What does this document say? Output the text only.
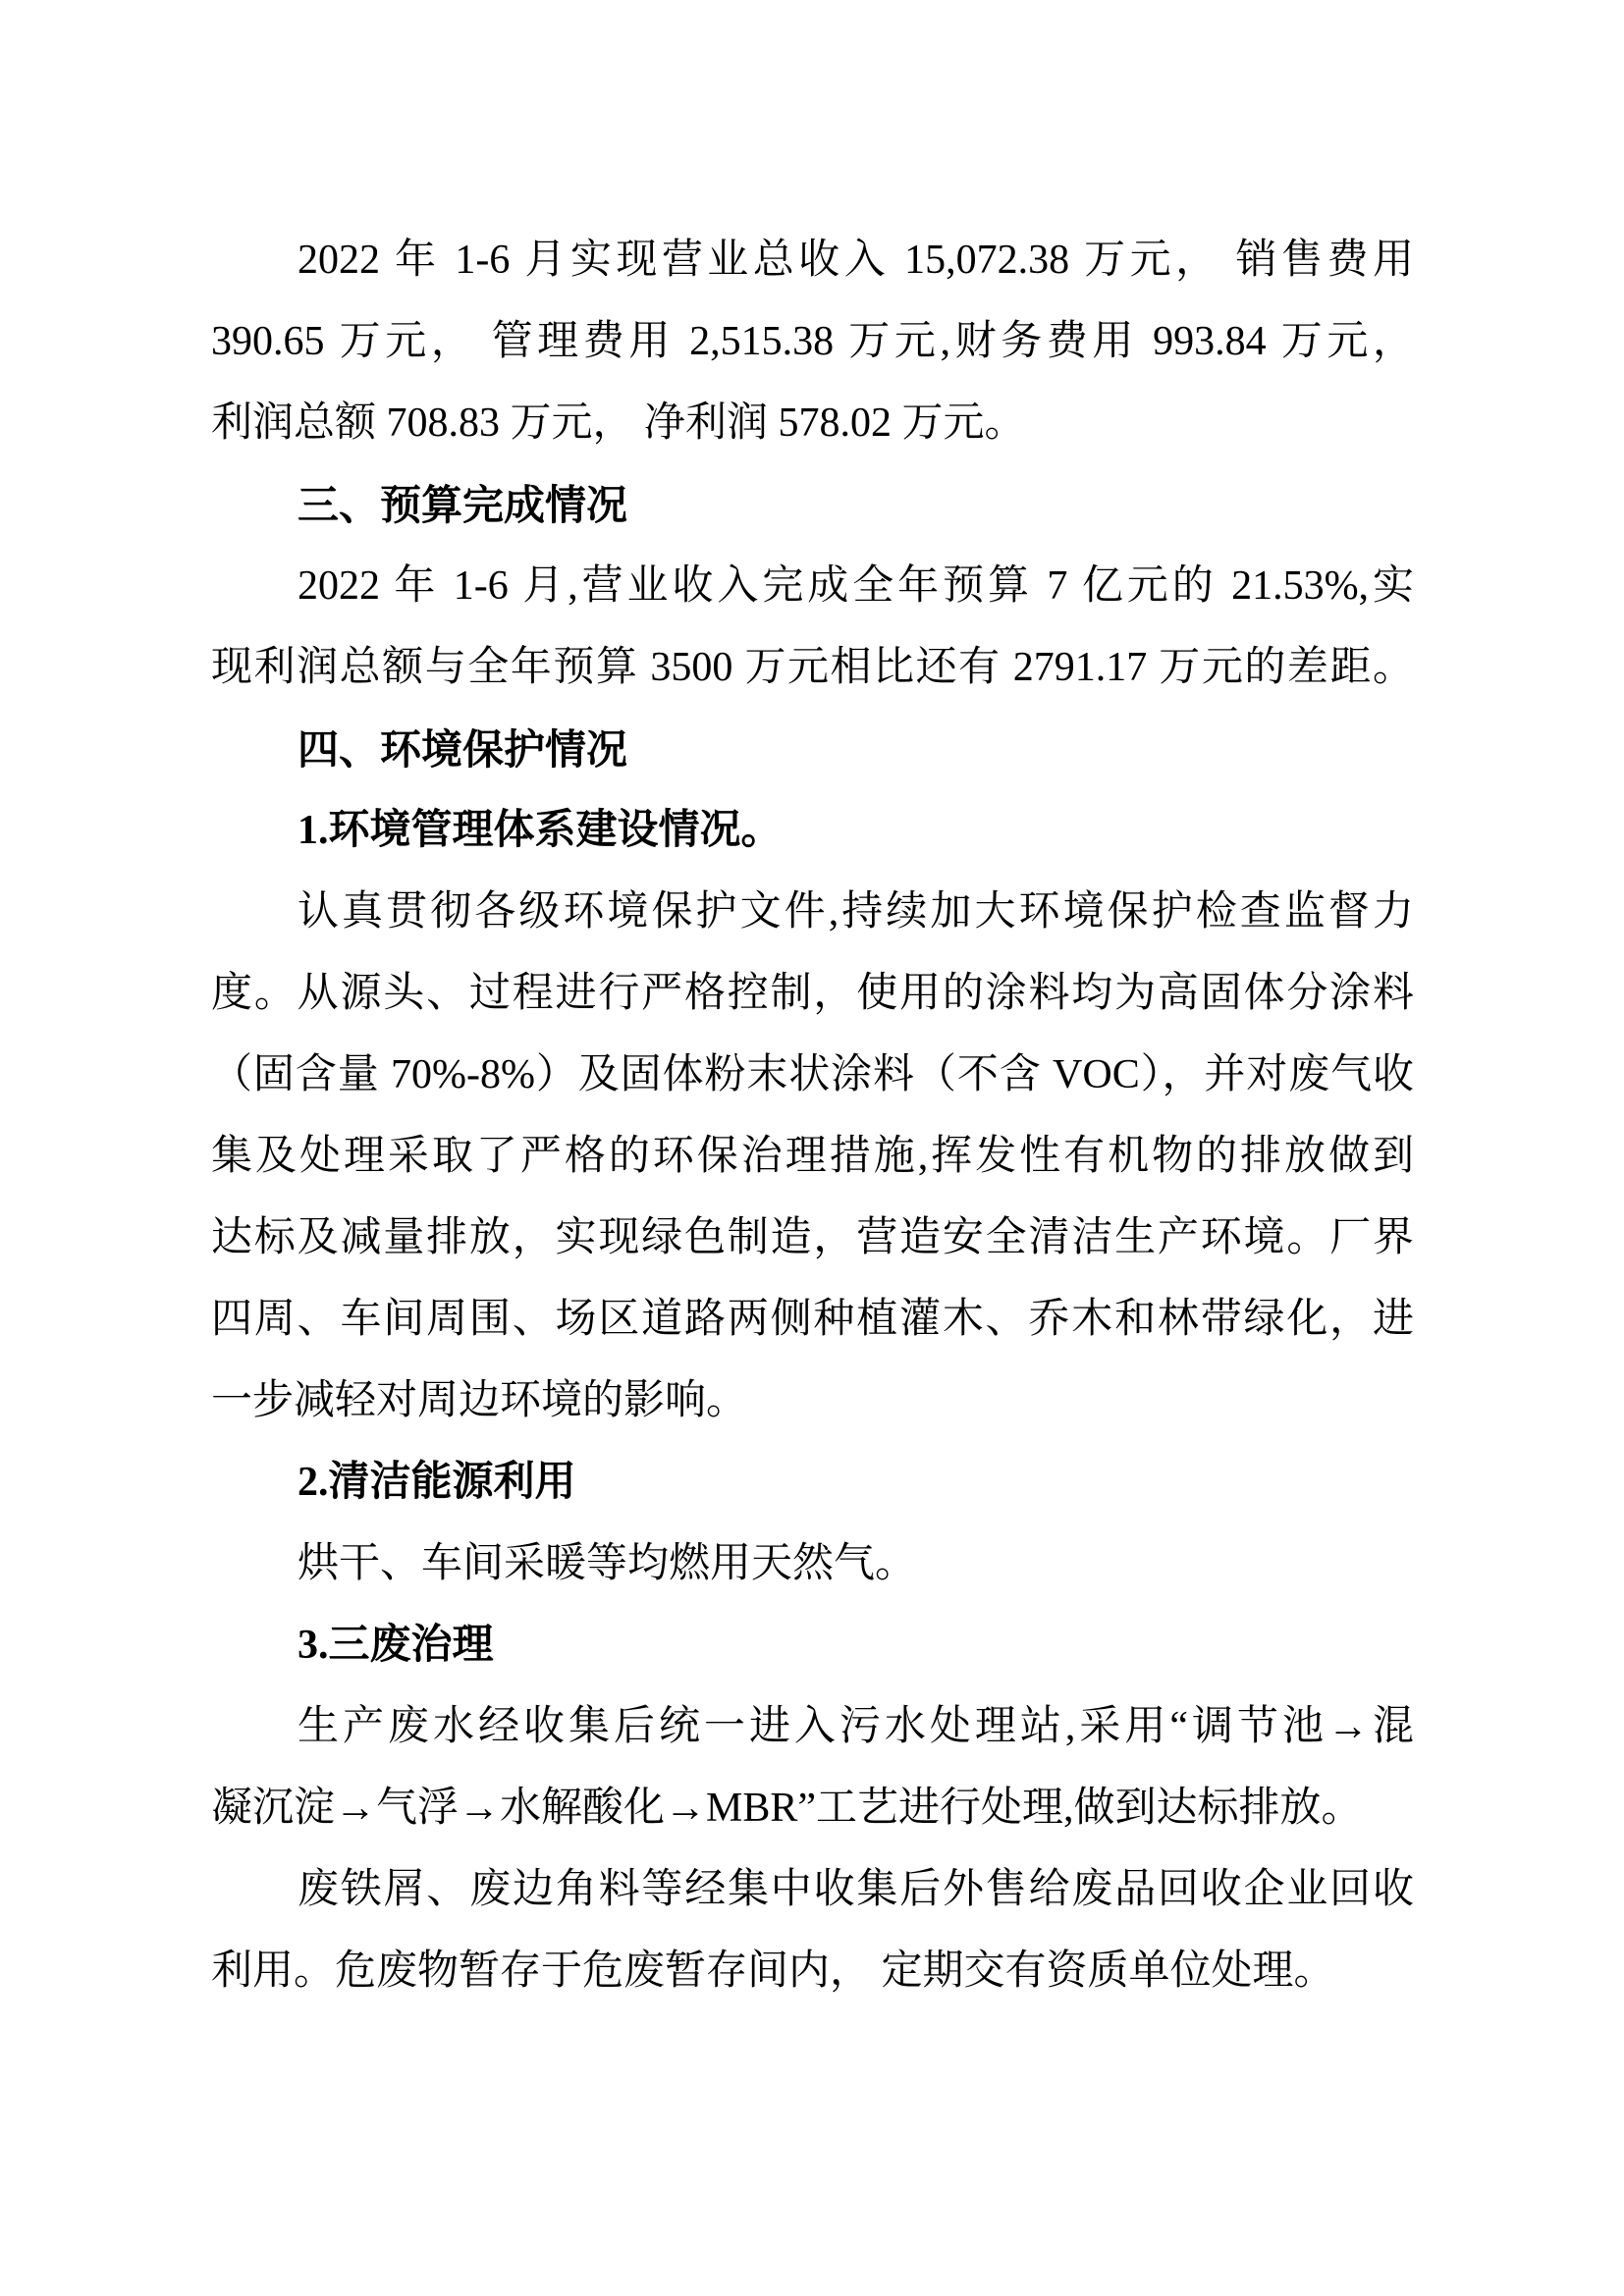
2022 年 1-6 月实现营业总收入 15,072.38 万元， 销售费用
390.65 万元， 管理费用 2,515.38 万元,财务费用 993.84 万元，
利润总额 708.83 万元， 净利润 578.02 万元。
三、预算完成情况
2022 年 1-6 月,营业收入完成全年预算 7 亿元的 21.53%,实
现利润总额与全年预算 3500 万元相比还有 2791.17 万元的差距。
四、环境保护情况
1.环境管理体系建设情况。
认真贯彻各级环境保护文件,持续加大环境保护检查监督力
度。从源头、过程进行严格控制，使用的涂料均为高固体分涂料
（固含量 70%-8%）及固体粉末状涂料（不含 VOC），并对废气收
集及处理采取了严格的环保治理措施,挥发性有机物的排放做到
达标及减量排放，实现绿色制造，营造安全清洁生产环境。厂界
四周、车间周围、场区道路两侧种植灌木、乔木和林带绿化，进
一步减轻对周边环境的影响。
2.清洁能源利用
烘干、车间采暖等均燃用天然气。
3.三废治理
生产废水经收集后统一进入污水处理站,采用“调节池→混
凝沉淀→气浮→水解酸化→MBR”工艺进行处理,做到达标排放。
废铁屑、废边角料等经集中收集后外售给废品回收企业回收
利用。危废物暂存于危废暂存间内， 定期交有资质单位处理。
